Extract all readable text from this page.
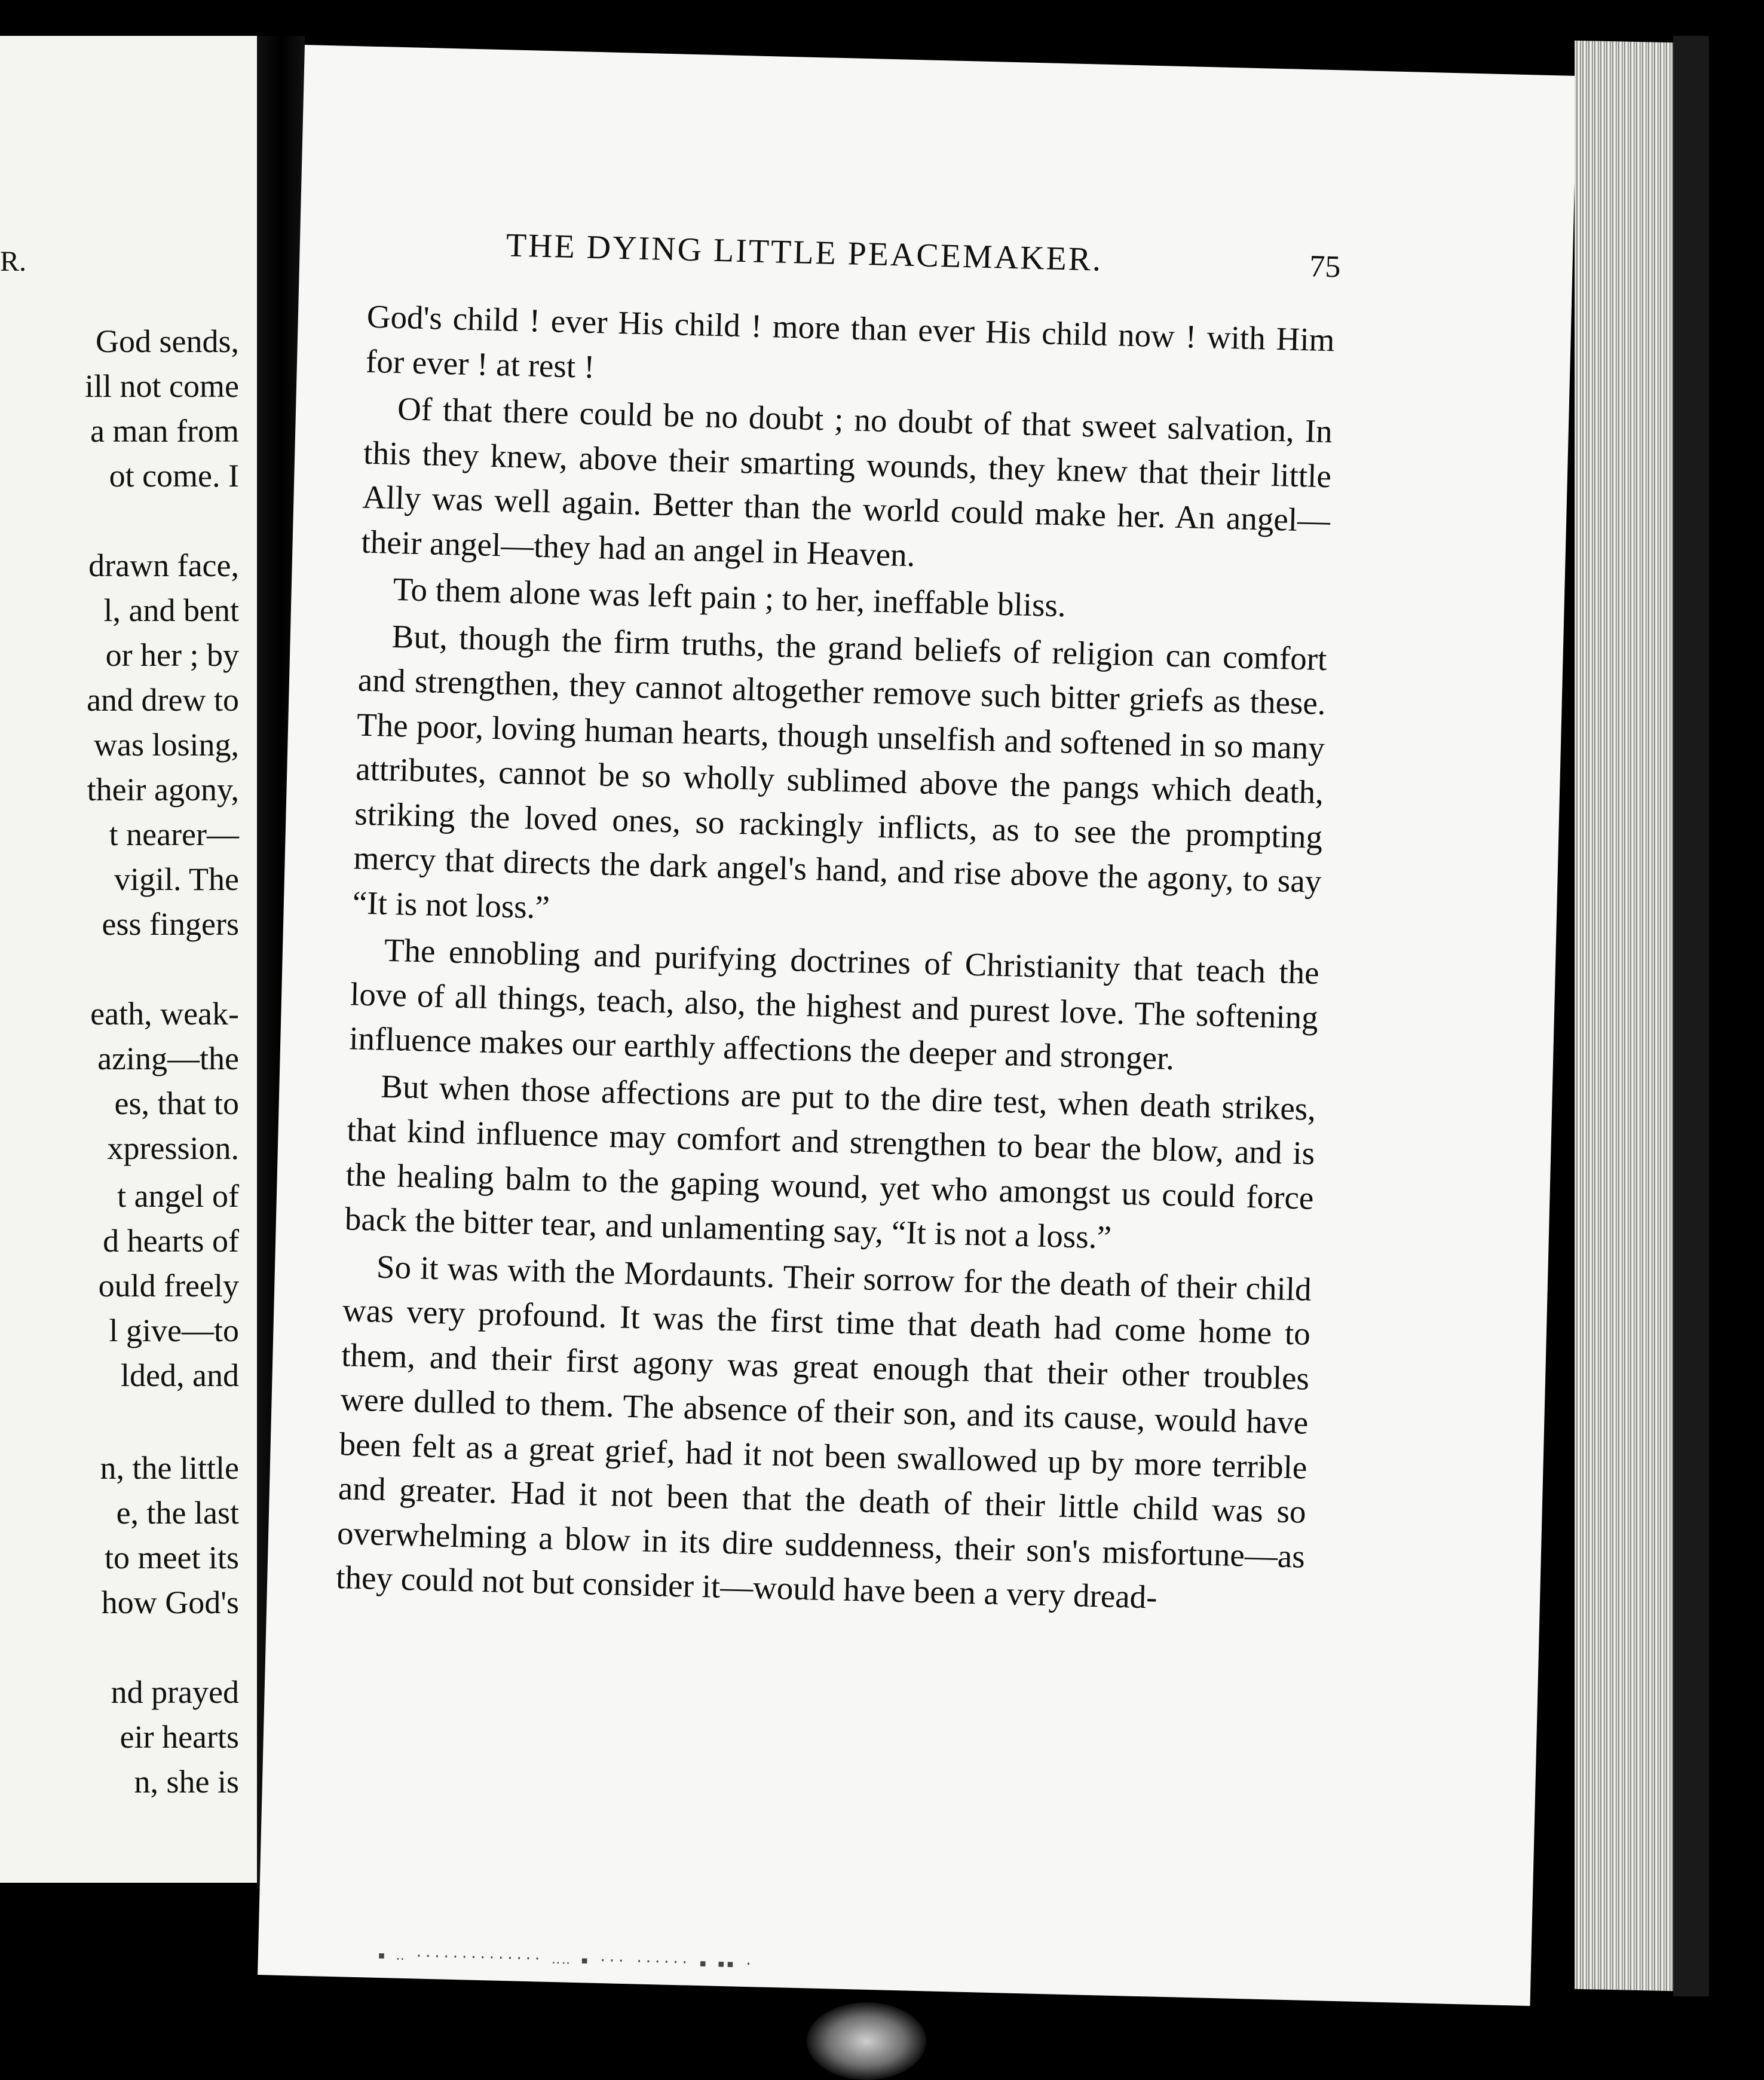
R.
God sends,
ill not come
a man from
ot come. I
drawn face,
l, and bent
or her ; by
and drew to
was losing,
their agony,
t nearer—
vigil. The
ess fingers
eath, weak-
azing—the
es, that to
xpression.
t angel of
d hearts of
ould freely
l give—to
lded, and
n, the little
e, the last
to meet its
how God's
nd prayed
eir hearts
n, she is
THE DYING LITTLE PEACEMAKER.	75

God's child ! ever His child ! more than ever His child now ! with Him for ever ! at rest !

Of that there could be no doubt ; no doubt of that sweet salvation, In this they knew, above their smarting wounds, they knew that their little Ally was well again. Better than the world could make her. An angel—their angel—they had an angel in Heaven.

To them alone was left pain ; to her, ineffable bliss.

But, though the firm truths, the grand beliefs of religion can comfort and strengthen, they cannot altogether remove such bitter griefs as these. The poor, loving human hearts, though unselfish and softened in so many attributes, cannot be so wholly sublimed above the pangs which death, striking the loved ones, so rackingly inflicts, as to see the prompting mercy that directs the dark angel's hand, and rise above the agony, to say “It is not loss.”

The ennobling and purifying doctrines of Christianity that teach the love of all things, teach, also, the highest and purest love. The softening influence makes our earthly affections the deeper and stronger.

But when those affections are put to the dire test, when death strikes, that kind influence may comfort and strengthen to bear the blow, and is the healing balm to the gaping wound, yet who amongst us could force back the bitter tear, and unlamenting say, “It is not a loss.”

So it was with the Mordaunts. Their sorrow for the death of their child was very profound. It was the first time that death had come home to them, and their first agony was great enough that their other troubles were dulled to them. The absence of their son, and its cause, would have been felt as a great grief, had it not been swallowed up by more terrible and greater. Had it not been that the death of their little child was so overwhelming a blow in its dire suddenness, their son's misfortune—as they could not but consider it—would have been a very dread-

▪ ‥ ·············· ‥‥ ▪ ··· ······ ▪ ▪▪ ·
